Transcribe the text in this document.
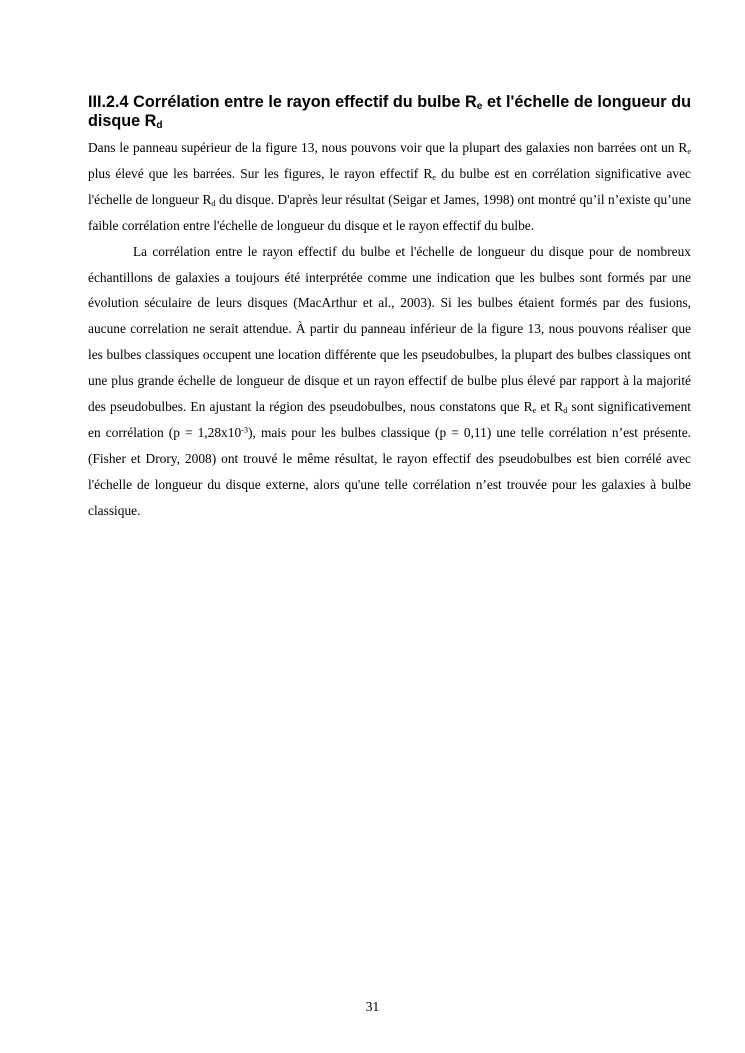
III.2.4 Corrélation entre le rayon effectif du bulbe $R_e$ et l'échelle de longueur du disque $R_d$

Dans le panneau supérieur de la figure 13, nous pouvons voir que la plupart des galaxies non barrées ont un $R_e$ plus élevé que les barrées. Sur les figures, le rayon effectif $R_e$ du bulbe est en corrélation significative avec l'échelle de longueur $R_d$ du disque. D'après leur résultat (Seigar et James, 1998) ont montré qu’il n’existe qu’une faible corrélation entre l'échelle de longueur du disque et le rayon effectif du bulbe.

La corrélation entre le rayon effectif du bulbe et l'échelle de longueur du disque pour de nombreux échantillons de galaxies a toujours été interprétée comme une indication que les bulbes sont formés par une évolution séculaire de leurs disques (MacArthur et al., 2003). Si les bulbes étaient formés par des fusions, aucune correlation ne serait attendue. À partir du panneau inférieur de la figure 13, nous pouvons réaliser que les bulbes classiques occupent une location différente que les pseudobulbes, la plupart des bulbes classiques ont une plus grande échelle de longueur de disque et un rayon effectif de bulbe plus élevé par rapport à la majorité des pseudobulbes. En ajustant la région des pseudobulbes, nous constatons que $R_e$ et $R_d$ sont significativement en corrélation $(p = 1,28x10^{-3})$, mais pour les bulbes classique (p = 0,11) une telle corrélation n’est présente. (Fisher et Drory, 2008) ont trouvé le même résultat, le rayon effectif des pseudobulbes est bien corrélé avec l'échelle de longueur du disque externe, alors qu'une telle corrélation n’est trouvée pour les galaxies à bulbe classique.

31
